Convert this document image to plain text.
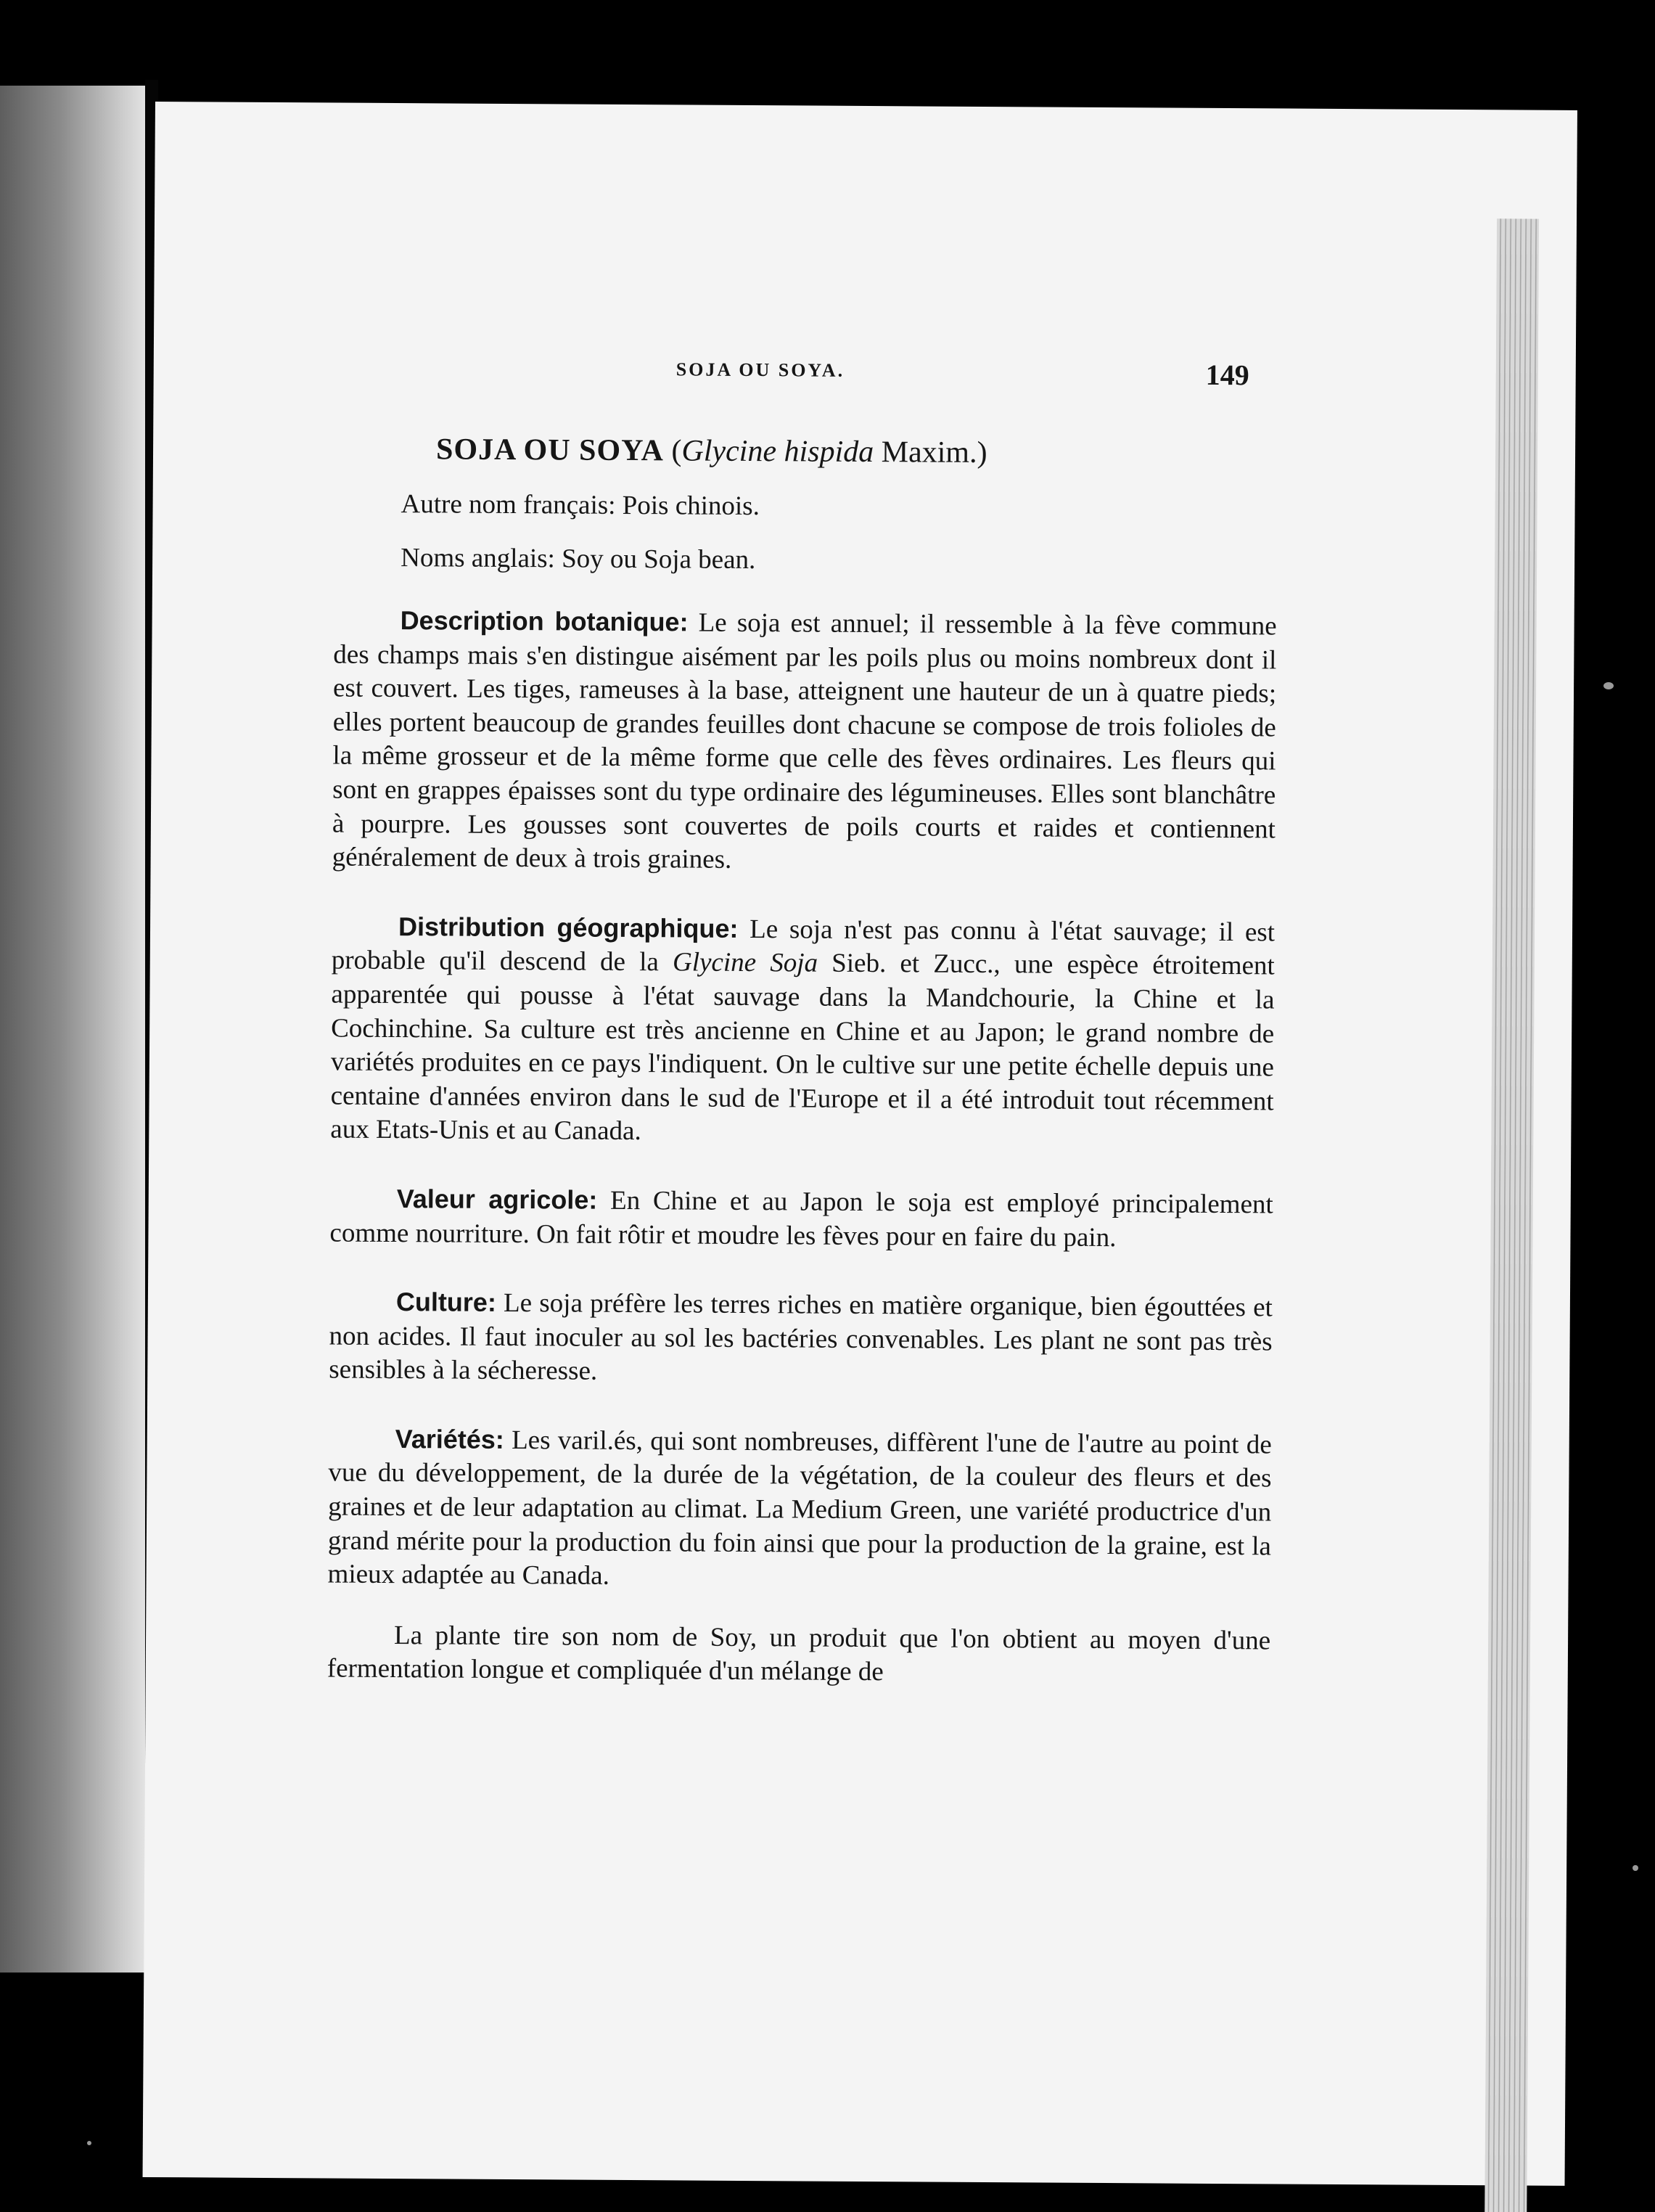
SOJA OU SOYA.	149
SOJA OU SOYA (Glycine hispida Maxim.)
Autre nom français: Pois chinois.
Noms anglais: Soy ou Soja bean.

Description botanique: Le soja est annuel; il ressemble à la fève commune des champs mais s'en distingue aisément par les poils plus ou moins nombreux dont il est couvert. Les tiges, rameuses à la base, atteignent une hauteur de un à quatre pieds; elles portent beaucoup de grandes feuilles dont chacune se compose de trois folioles de la même grosseur et de la même forme que celle des fèves ordinaires. Les fleurs qui sont en grappes épaisses sont du type ordinaire des légumineuses. Elles sont blanchâtre à pourpre. Les gousses sont couvertes de poils courts et raides et contiennent généralement de deux à trois graines.

Distribution géographique: Le soja n'est pas connu à l'état sauvage; il est probable qu'il descend de la Glycine Soja Sieb. et Zucc., une espèce étroitement apparentée qui pousse à l'état sauvage dans la Mandchourie, la Chine et la Cochinchine. Sa culture est très ancienne en Chine et au Japon; le grand nombre de variétés produites en ce pays l'indiquent. On le cultive sur une petite échelle depuis une centaine d'années environ dans le sud de l'Europe et il a été introduit tout récemment aux Etats-Unis et au Canada.

Valeur agricole: En Chine et au Japon le soja est employé principalement comme nourriture. On fait rôtir et moudre les fèves pour en faire du pain.

Culture: Le soja préfère les terres riches en matière organique, bien égouttées et non acides. Il faut inoculer au sol les bactéries convenables. Les plant ne sont pas très sensibles à la sécheresse.

Variétés: Les varil.és, qui sont nombreuses, diffèrent l'une de l'autre au point de vue du développement, de la durée de la végétation, de la couleur des fleurs et des graines et de leur adaptation au climat. La Medium Green, une variété productrice d'un grand mérite pour la production du foin ainsi que pour la production de la graine, est la mieux adaptée au Canada.

La plante tire son nom de Soy, un produit que l'on obtient au moyen d'une fermentation longue et compliquée d'un mélange de
